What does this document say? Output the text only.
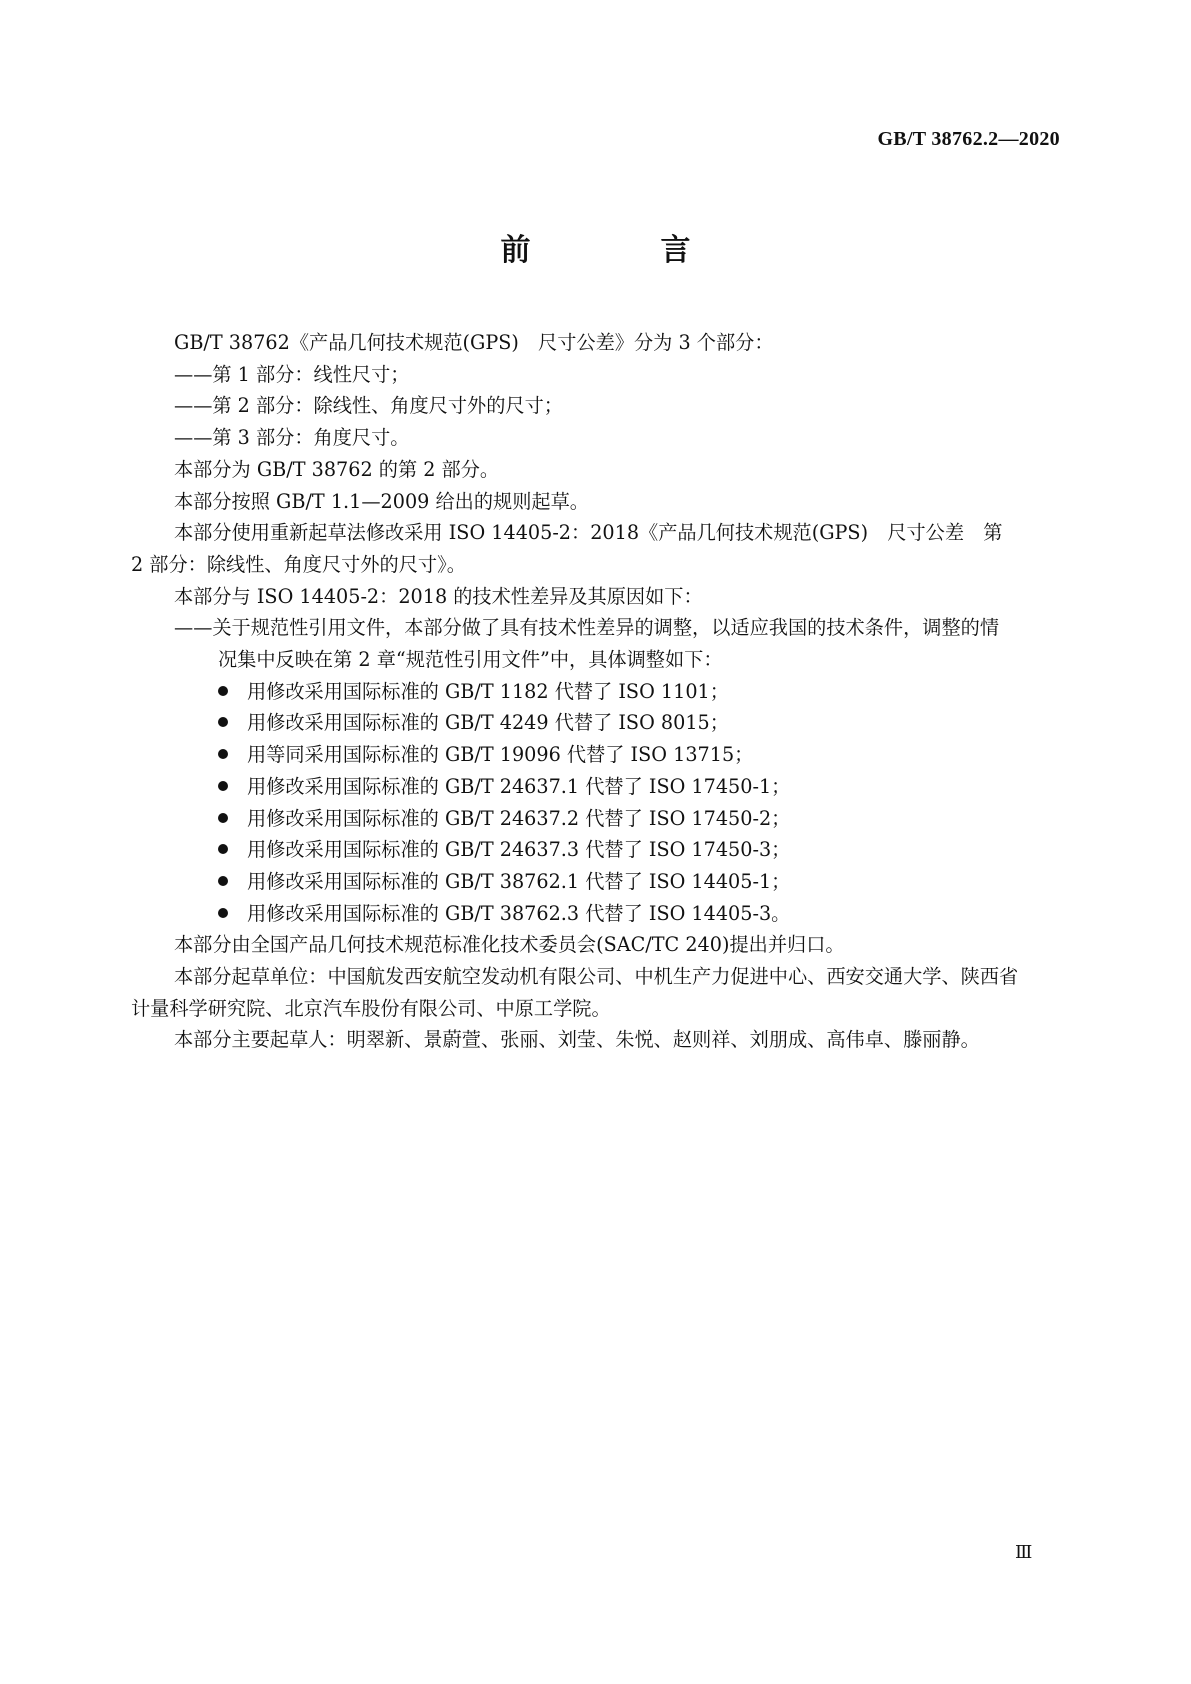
GB/T 38762.2—2020
前　言

GB/T 38762《产品几何技术规范(GPS)　尺寸公差》分为 3 个部分：

——第 1 部分：线性尺寸；

——第 2 部分：除线性、角度尺寸外的尺寸；

——第 3 部分：角度尺寸。

本部分为 GB/T 38762 的第 2 部分。

本部分按照 GB/T 1.1—2009 给出的规则起草。

本部分使用重新起草法修改采用 ISO 14405-2：2018《产品几何技术规范(GPS)　尺寸公差　第

2 部分：除线性、角度尺寸外的尺寸》。

本部分与 ISO 14405-2：2018 的技术性差异及其原因如下：

——关于规范性引用文件，本部分做了具有技术性差异的调整，以适应我国的技术条件，调整的情

况集中反映在第 2 章“规范性引用文件”中，具体调整如下：

用修改采用国际标准的 GB/T 1182 代替了 ISO 1101；

用修改采用国际标准的 GB/T 4249 代替了 ISO 8015；

用等同采用国际标准的 GB/T 19096 代替了 ISO 13715；

用修改采用国际标准的 GB/T 24637.1 代替了 ISO 17450-1；

用修改采用国际标准的 GB/T 24637.2 代替了 ISO 17450-2；

用修改采用国际标准的 GB/T 24637.3 代替了 ISO 17450-3；

用修改采用国际标准的 GB/T 38762.1 代替了 ISO 14405-1；

用修改采用国际标准的 GB/T 38762.3 代替了 ISO 14405-3。

本部分由全国产品几何技术规范标准化技术委员会(SAC/TC 240)提出并归口。

本部分起草单位：中国航发西安航空发动机有限公司、中机生产力促进中心、西安交通大学、陕西省

计量科学研究院、北京汽车股份有限公司、中原工学院。

本部分主要起草人：明翠新、景蔚萱、张丽、刘莹、朱悦、赵则祥、刘朋成、高伟卓、滕丽静。

Ⅲ
